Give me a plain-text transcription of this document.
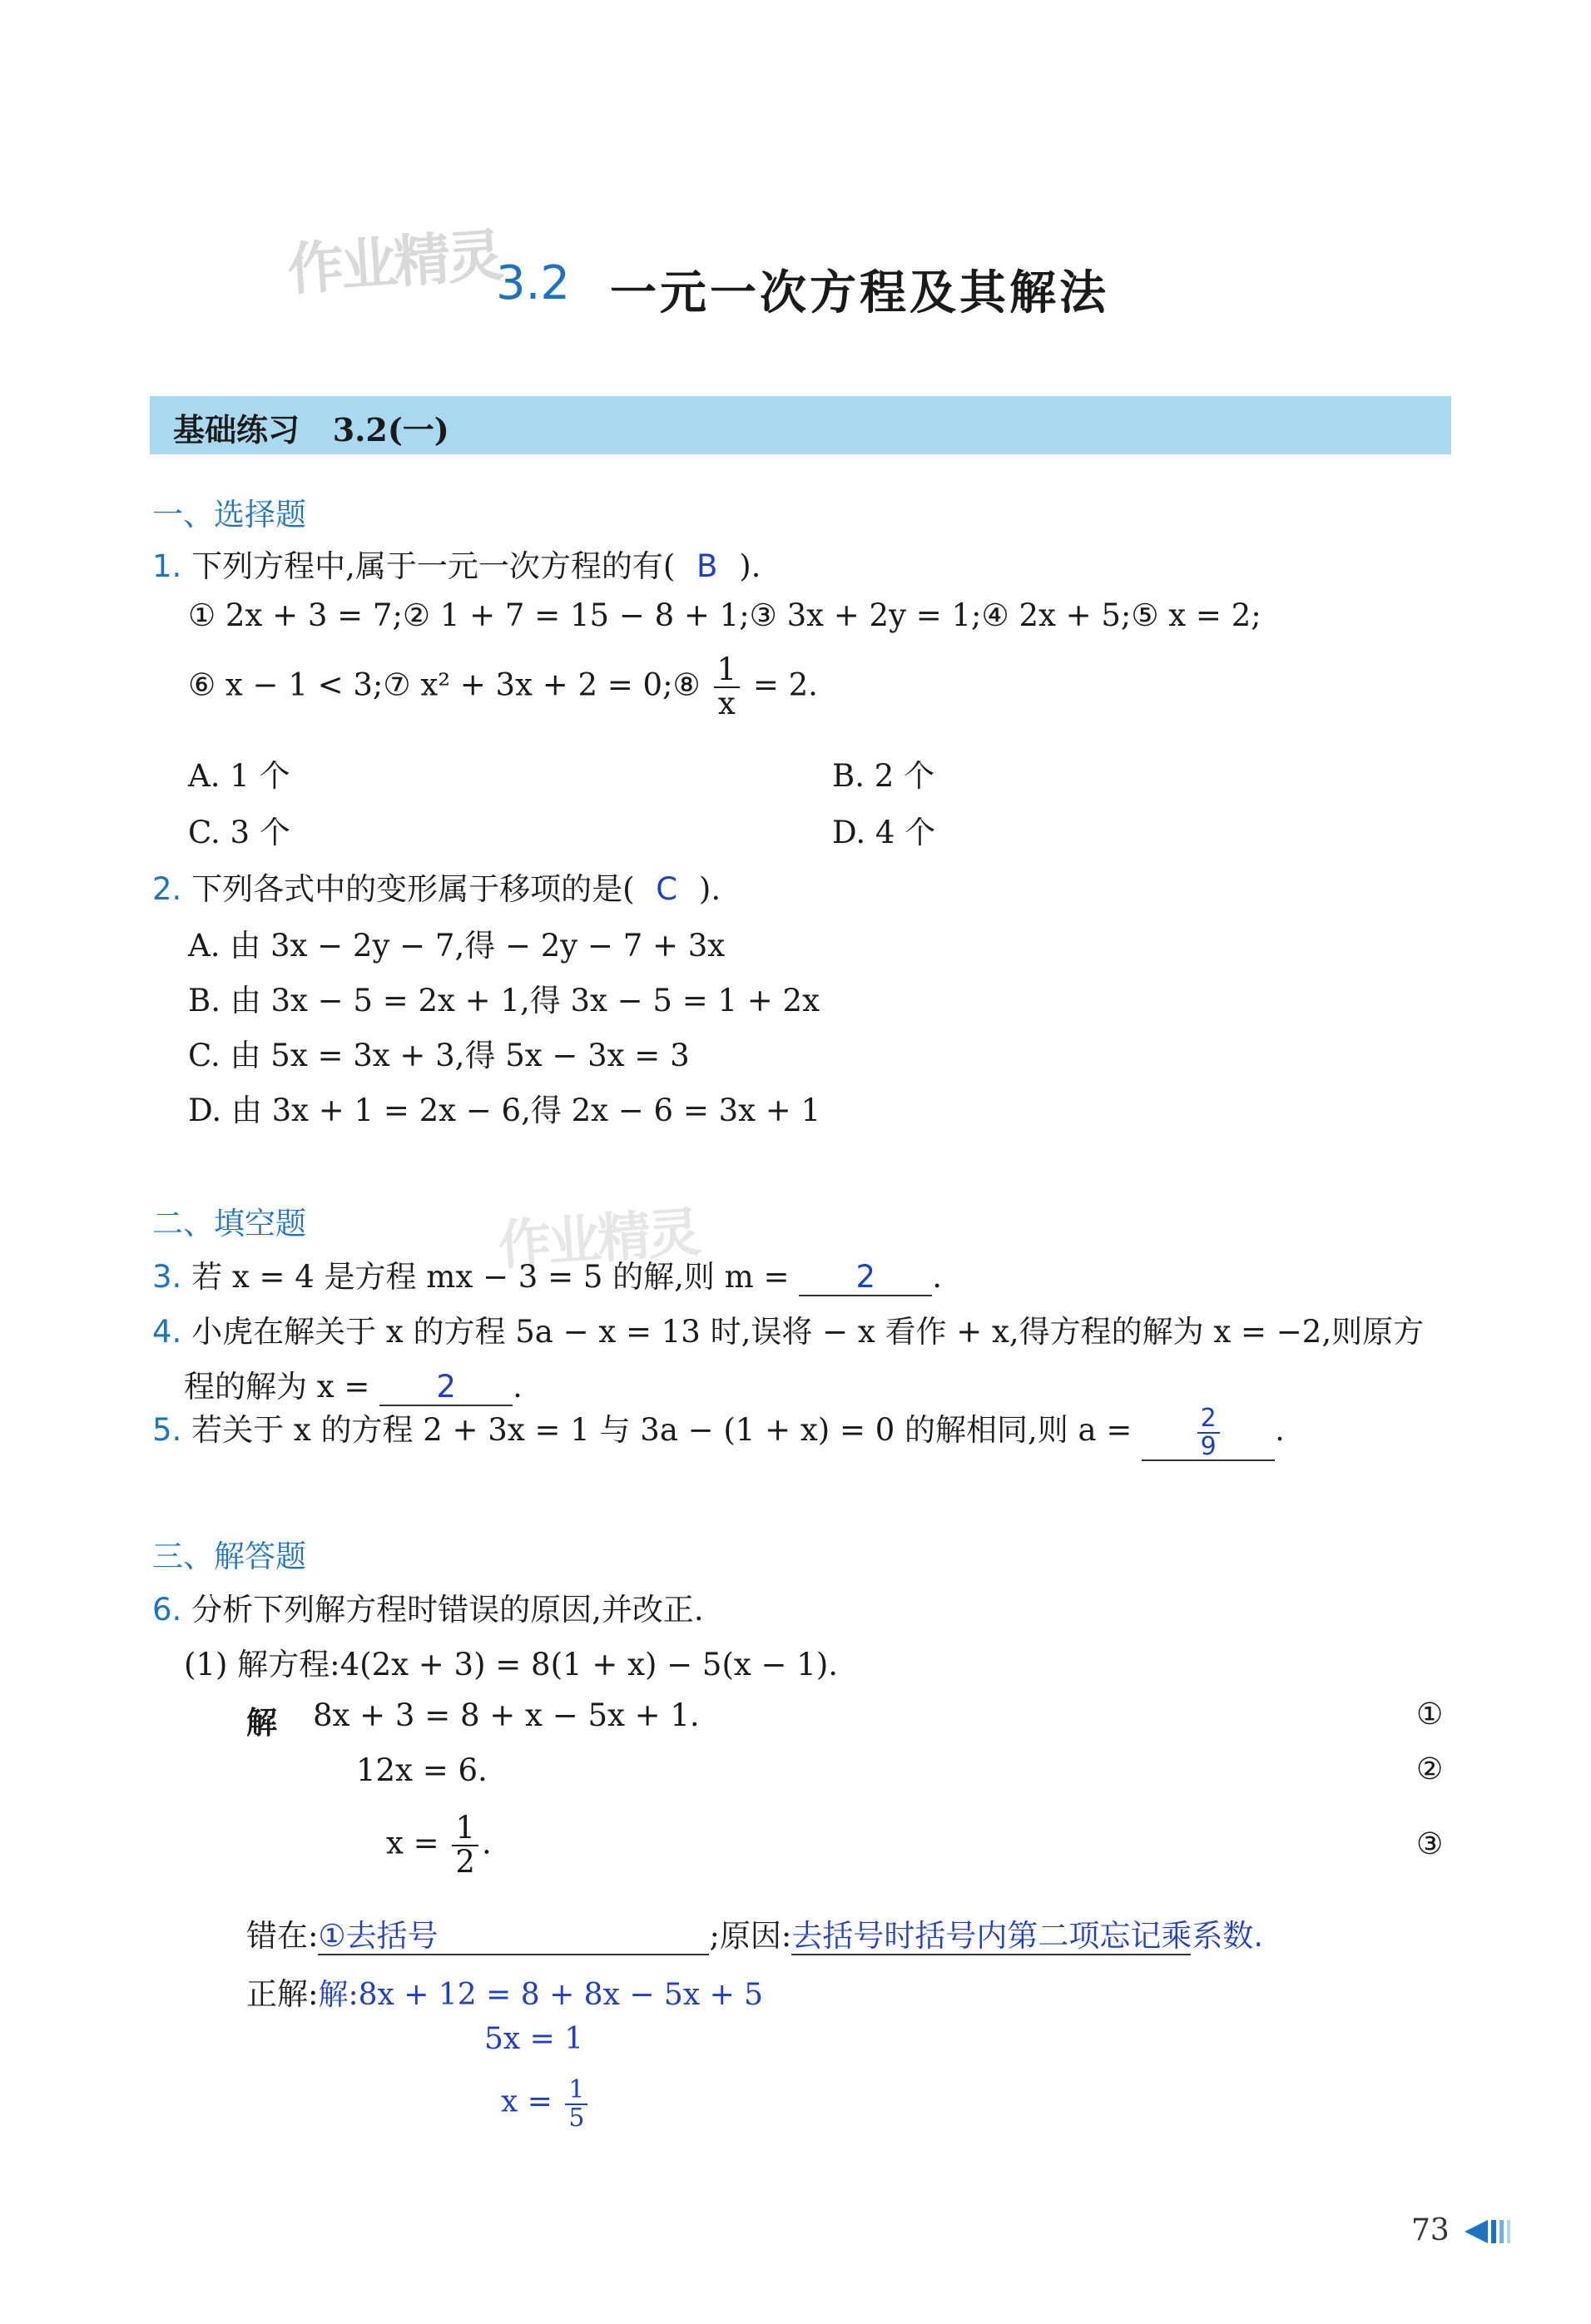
作业精灵
3.2 一元一次方程及其解法
基础练习 3.2(一)
一、选择题
1. 下列方程中,属于一元一次方程的有( B ).
① 2x + 3 = 7;② 1 + 7 = 15 − 8 + 1;③ 3x + 2y = 1;④ 2x + 5;⑤ x = 2;
⑥ x − 1 < 3;⑦ x² + 3x + 2 = 0;⑧ $\frac{1}{x} = 2$.
A. 1 个	B. 2 个
C. 3 个	D. 4 个
2. 下列各式中的变形属于移项的是( C ).
A. 由 3x − 2y − 7,得 − 2y − 7 + 3x
B. 由 3x − 5 = 2x + 1,得 3x − 5 = 1 + 2x
C. 由 5x = 3x + 3,得 5x − 3x = 3
D. 由 3x + 1 = 2x − 6,得 2x − 6 = 3x + 1
二、填空题	作业精灵
3. 若 x = 4 是方程 mx − 3 = 5 的解,则 m = 2 .
4. 小虎在解关于 x 的方程 5a − x = 13 时,误将 − x 看作 + x,得方程的解为 x = −2,则原方
程的解为 x = 2 .
5. 若关于 x 的方程 2 + 3x = 1 与 3a − (1 + x) = 0 的解相同,则 a =	$\frac{2}{9}$ .
三、解答题
6. 分析下列解方程时错误的原因,并改正.
(1) 解方程:4(2x + 3) = 8(1 + x) − 5(x − 1).
解 8x + 3 = 8 + x − 5x + 1.
12x = 6.
$x = \frac{1}{2}$ .
①
②
③
错在:①去括号	;原因:去括号时括号内第二项忘记乘系数.
正解:解:8x + 12 = 8 + 8x − 5x + 5
5x = 1
$x = \frac{1}{5}$
73
